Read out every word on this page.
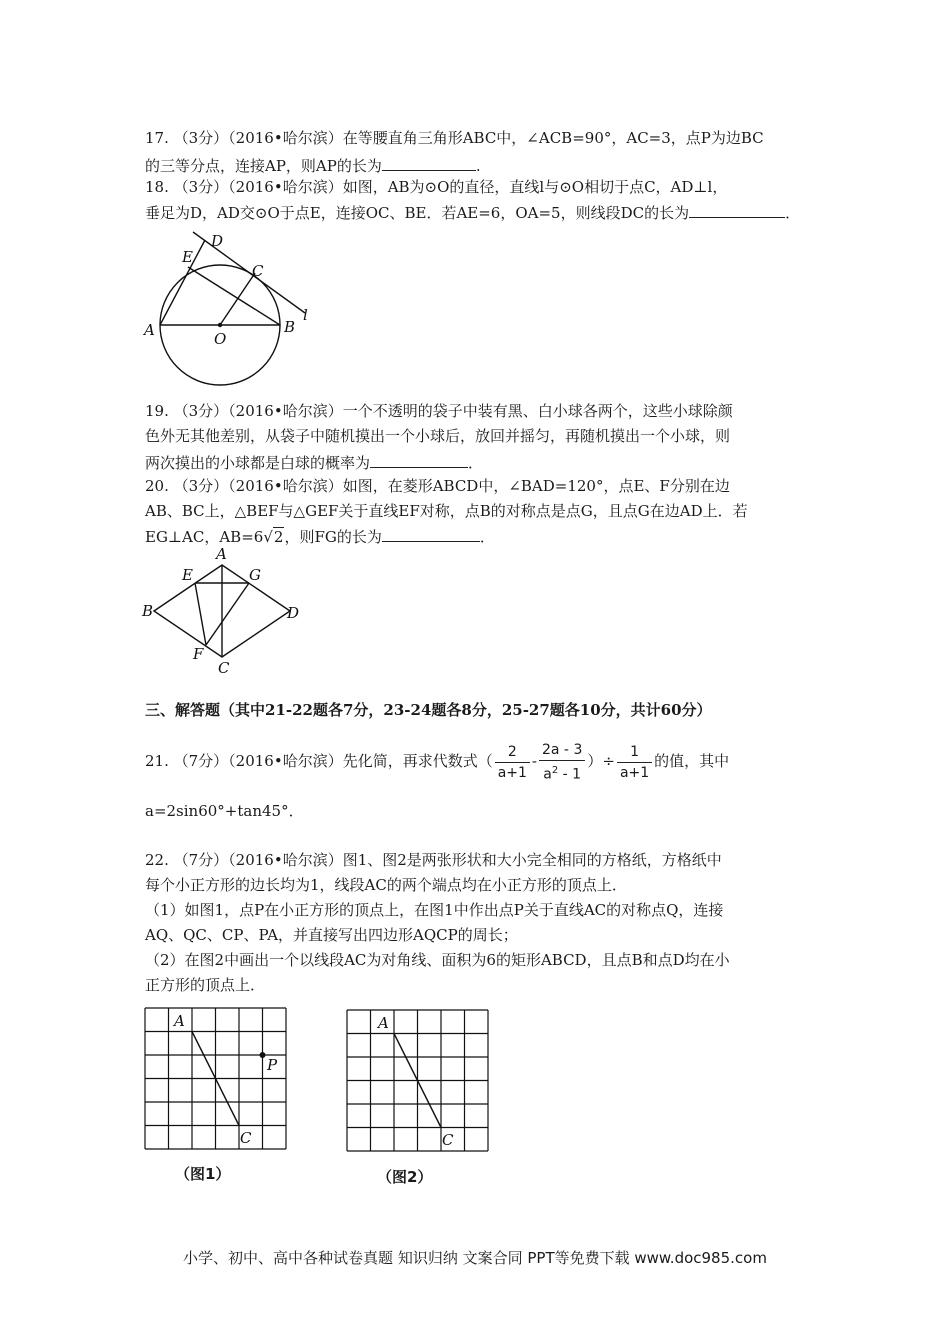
17. （3分）（2016•哈尔滨）在等腰直角三角形ABC中，∠ACB=90°，AC=3，点P为边BC
的三等分点，连接AP，则AP的长为	.
18. （3分）（2016•哈尔滨）如图，AB为⊙O的直径，直线l与⊙O相切于点C，AD⊥l，
垂足为D，AD交⊙O于点E，连接OC、BE．若AE=6，OA=5，则线段DC的长为	．
D
E
C
A	B
O
l
19. （3分）（2016•哈尔滨）一个不透明的袋子中装有黑、白小球各两个，这些小球除颜
色外无其他差别，从袋子中随机摸出一个小球后，放回并摇匀，再随机摸出一个小球，则
两次摸出的小球都是白球的概率为	．
20. （3分）（2016•哈尔滨）如图，在菱形ABCD中，∠BAD=120°，点E、F分别在边
AB、BC上，△BEF与△GEF关于直线EF对称，点B的对称点是点G，且点G在边AD上．若
EG⊥AC，AB=6√2，则FG的长为	．
A
E	G
B	D
F
C
三、解答题（其中21-22题各7分，23-24题各8分，25-27题各10分，共计60分）
21. （7分）（2016•哈尔滨）先化简，再求代数式（ $\frac{2}{a+1} - \frac{2a - 3}{a^2 - 1}$ ）÷ $\frac{1}{a+1}$ 的值，其中
a=2sin60°+tan45°．
22. （7分）（2016•哈尔滨）图1、图2是两张形状和大小完全相同的方格纸，方格纸中
每个小正方形的边长均为1，线段AC的两个端点均在小正方形的顶点上．
（1）如图1，点P在小正方形的顶点上，在图1中作出点P关于直线AC的对称点Q，连接
AQ、QC、CP、PA，并直接写出四边形AQCP的周长；
（2）在图2中画出一个以线段AC为对角线、面积为6的矩形ABCD，且点B和点D均在小
正方形的顶点上．
A
C
P
（图1）
A
C
（图2）
小学、初中、高中各种试卷真题 知识归纳 文案合同 PPT等免费下载 www.doc985.com
